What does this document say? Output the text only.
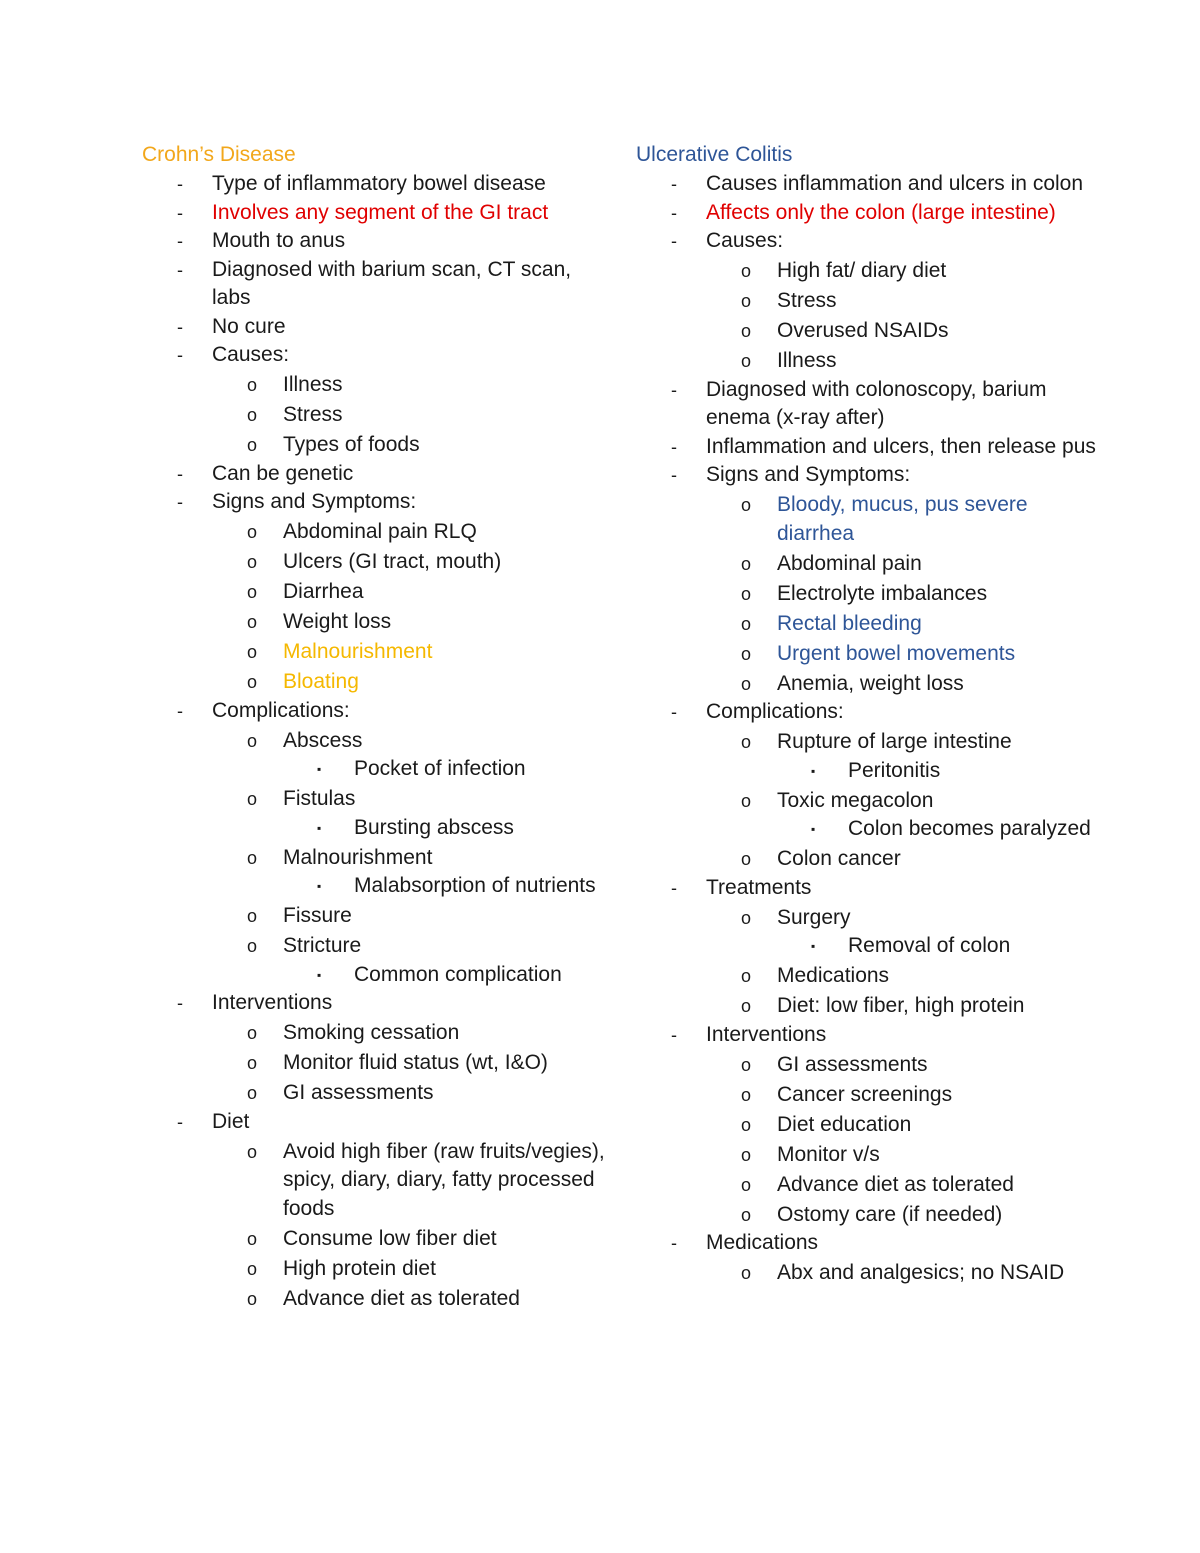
Crohn’s Disease
- Type of inflammatory bowel disease
- Involves any segment of the GI tract
- Mouth to anus
- Diagnosed with barium scan, CT scan, labs
- No cure
- Causes:
o Illness
o Stress
o Types of foods
- Can be genetic
- Signs and Symptoms:
o Abdominal pain RLQ
o Ulcers (GI tract, mouth)
o Diarrhea
o Weight loss
o Malnourishment
o Bloating
- Complications:
o Abscess
▪ Pocket of infection
o Fistulas
▪ Bursting abscess
o Malnourishment
▪ Malabsorption of nutrients
o Fissure
o Stricture
▪ Common complication
- Interventions
o Smoking cessation
o Monitor fluid status (wt, I&O)
o GI assessments
- Diet
o Avoid high fiber (raw fruits/vegies), spicy, diary, diary, fatty processed foods
o Consume low fiber diet
o High protein diet
o Advance diet as tolerated
Ulcerative Colitis
- Causes inflammation and ulcers in colon
- Affects only the colon (large intestine)
- Causes:
o High fat/ diary diet
o Stress
o Overused NSAIDs
o Illness
- Diagnosed with colonoscopy, barium enema (x-ray after)
- Inflammation and ulcers, then release pus
- Signs and Symptoms:
o Bloody, mucus, pus severe diarrhea
o Abdominal pain
o Electrolyte imbalances
o Rectal bleeding
o Urgent bowel movements
o Anemia, weight loss
- Complications:
o Rupture of large intestine
▪ Peritonitis
o Toxic megacolon
▪ Colon becomes paralyzed
o Colon cancer
- Treatments
o Surgery
▪ Removal of colon
o Medications
o Diet: low fiber, high protein
- Interventions
o GI assessments
o Cancer screenings
o Diet education
o Monitor v/s
o Advance diet as tolerated
o Ostomy care (if needed)
- Medications
o Abx and analgesics; no NSAID
